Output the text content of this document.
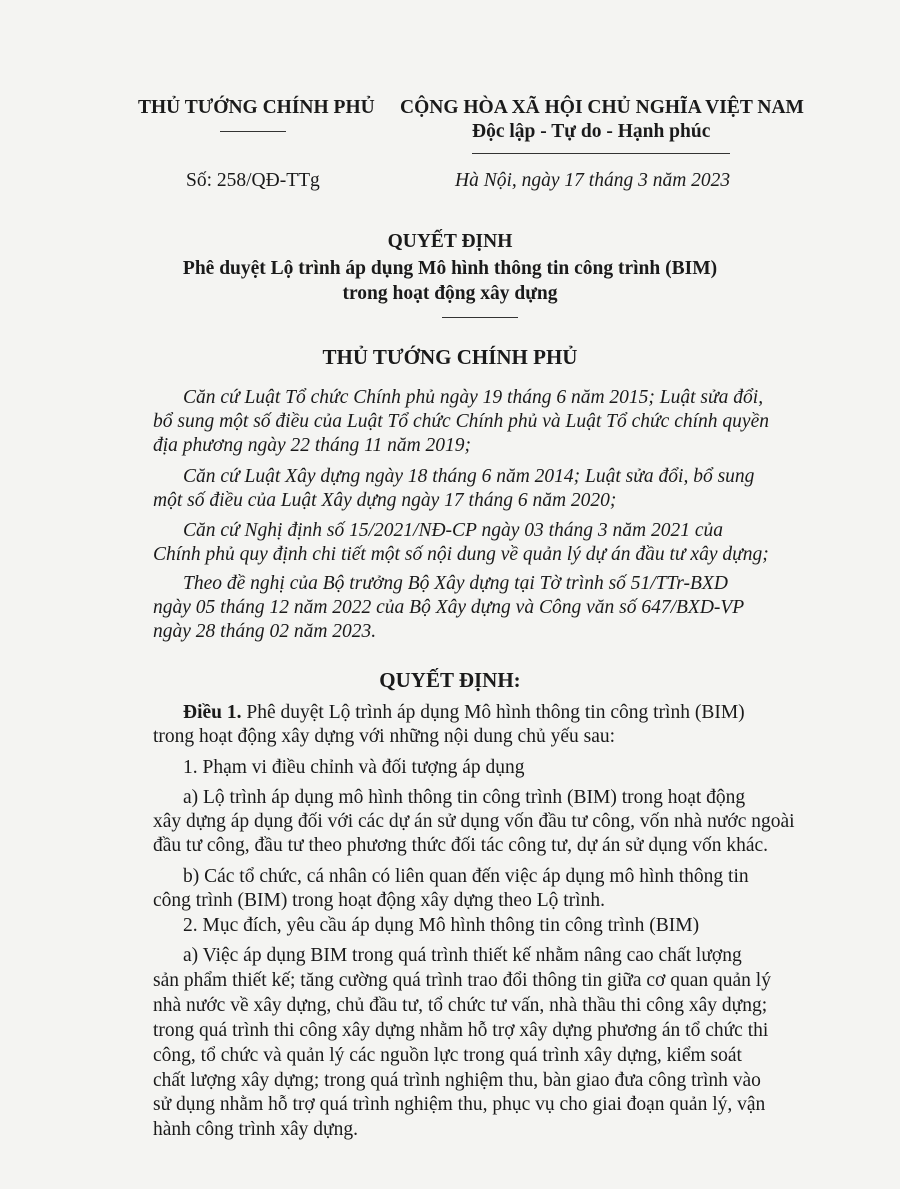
THỦ TƯỚNG CHÍNH PHỦ
Số: 258/QĐ-TTg
CỘNG HÒA XÃ HỘI CHỦ NGHĨA VIỆT NAM
Độc lập - Tự do - Hạnh phúc
Hà Nội, ngày 17 tháng 3 năm 2023
QUYẾT ĐỊNH
Phê duyệt Lộ trình áp dụng Mô hình thông tin công trình (BIM)
trong hoạt động xây dựng
THỦ TƯỚNG CHÍNH PHỦ

Căn cứ Luật Tổ chức Chính phủ ngày 19 tháng 6 năm 2015; Luật sửa đổi,
bổ sung một số điều của Luật Tổ chức Chính phủ và Luật Tổ chức chính quyền
địa phương ngày 22 tháng 11 năm 2019;

Căn cứ Luật Xây dựng ngày 18 tháng 6 năm 2014; Luật sửa đổi, bổ sung
một số điều của Luật Xây dựng ngày 17 tháng 6 năm 2020;

Căn cứ Nghị định số 15/2021/NĐ-CP ngày 03 tháng 3 năm 2021 của
Chính phủ quy định chi tiết một số nội dung về quản lý dự án đầu tư xây dựng;

Theo đề nghị của Bộ trưởng Bộ Xây dựng tại Tờ trình số 51/TTr-BXD
ngày 05 tháng 12 năm 2022 của Bộ Xây dựng và Công văn số 647/BXD-VP
ngày 28 tháng 02 năm 2023.

QUYẾT ĐỊNH:

Điều 1. Phê duyệt Lộ trình áp dụng Mô hình thông tin công trình (BIM)
trong hoạt động xây dựng với những nội dung chủ yếu sau:

1. Phạm vi điều chỉnh và đối tượng áp dụng

a) Lộ trình áp dụng mô hình thông tin công trình (BIM) trong hoạt động
xây dựng áp dụng đối với các dự án sử dụng vốn đầu tư công, vốn nhà nước ngoài
đầu tư công, đầu tư theo phương thức đối tác công tư, dự án sử dụng vốn khác.

b) Các tổ chức, cá nhân có liên quan đến việc áp dụng mô hình thông tin
công trình (BIM) trong hoạt động xây dựng theo Lộ trình.

2. Mục đích, yêu cầu áp dụng Mô hình thông tin công trình (BIM)

a) Việc áp dụng BIM trong quá trình thiết kế nhằm nâng cao chất lượng
sản phẩm thiết kế; tăng cường quá trình trao đổi thông tin giữa cơ quan quản lý
nhà nước về xây dựng, chủ đầu tư, tổ chức tư vấn, nhà thầu thi công xây dựng;
trong quá trình thi công xây dựng nhằm hỗ trợ xây dựng phương án tổ chức thi
công, tổ chức và quản lý các nguồn lực trong quá trình xây dựng, kiểm soát
chất lượng xây dựng; trong quá trình nghiệm thu, bàn giao đưa công trình vào
sử dụng nhằm hỗ trợ quá trình nghiệm thu, phục vụ cho giai đoạn quản lý, vận
hành công trình xây dựng.
